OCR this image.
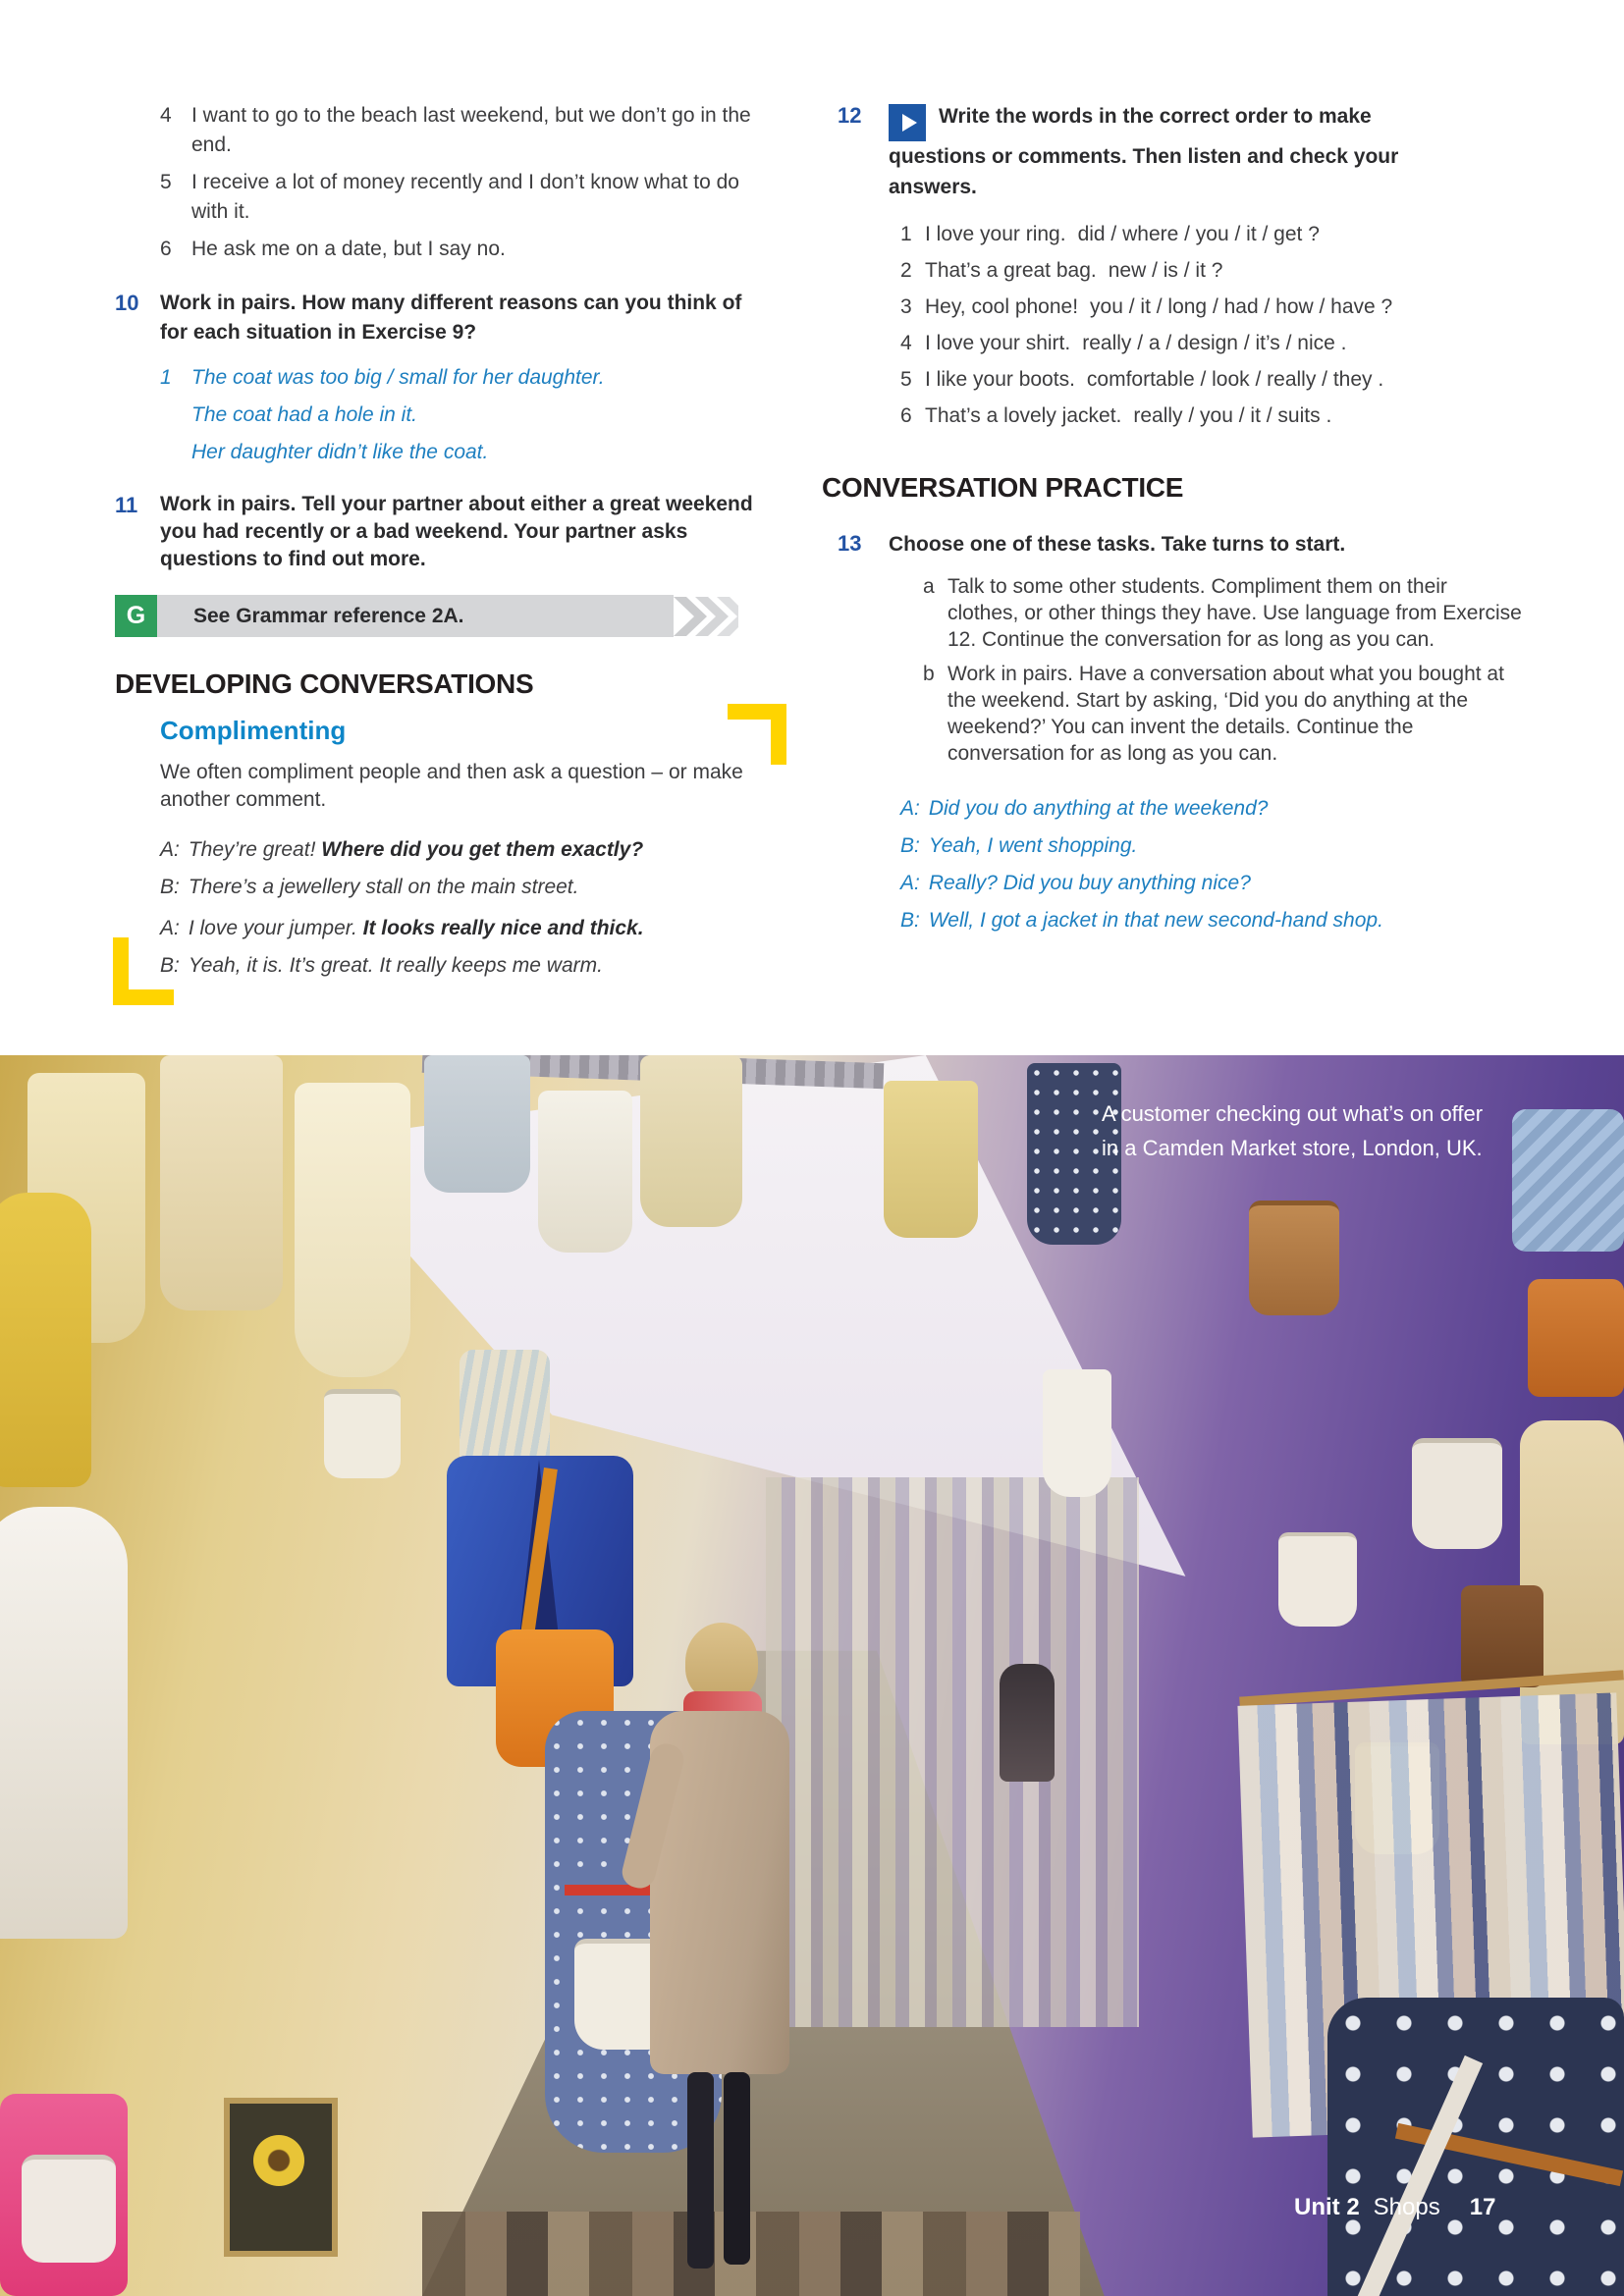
4 I want to go to the beach last weekend, but we don’t go in the end.
5 I receive a lot of money recently and I don’t know what to do with it.
6 He ask me on a date, but I say no.
10	Work in pairs. How many different reasons can you think of for each situation in Exercise 9?
1 The coat was too big / small for her daughter.
The coat had a hole in it.
Her daughter didn’t like the coat.
11	Work in pairs. Tell your partner about either a great weekend you had recently or a bad weekend. Your partner asks questions to find out more.
G	See Grammar reference 2A.
DEVELOPING CONVERSATIONS
Complimenting

We often compliment people and then ask a question – or make another comment.

A: They’re great! Where did you get them exactly?

B: There’s a jewellery stall on the main street.

A: I love your jumper. It looks really nice and thick.

B: Yeah, it is. It’s great. It really keeps me warm.

12	Write the words in the correct order to make questions or comments. Then listen and check your answers.
1 I love your ring. did / where / you / it / get ?
2 That’s a great bag. new / is / it ?
3 Hey, cool phone! you / it / long / had / how / have ?
4 I love your shirt. really / a / design / it’s / nice .
5 I like your boots. comfortable / look / really / they .
6 That’s a lovely jacket. really / you / it / suits .
CONVERSATION PRACTICE
13	Choose one of these tasks. Take turns to start.
a Talk to some other students. Compliment them on their clothes, or other things they have. Use language from Exercise 12. Continue the conversation for as long as you can.
b Work in pairs. Have a conversation about what you bought at the weekend. Start by asking, ‘Did you do anything at the weekend?’ You can invent the details. Continue the conversation for as long as you can.

A: Did you do anything at the weekend?

B: Yeah, I went shopping.

A: Really? Did you buy anything nice?

B: Well, I got a jacket in that new second-hand shop.

A customer checking out what’s on offer in a Camden Market store, London, UK.
Unit 2 Shops 17
